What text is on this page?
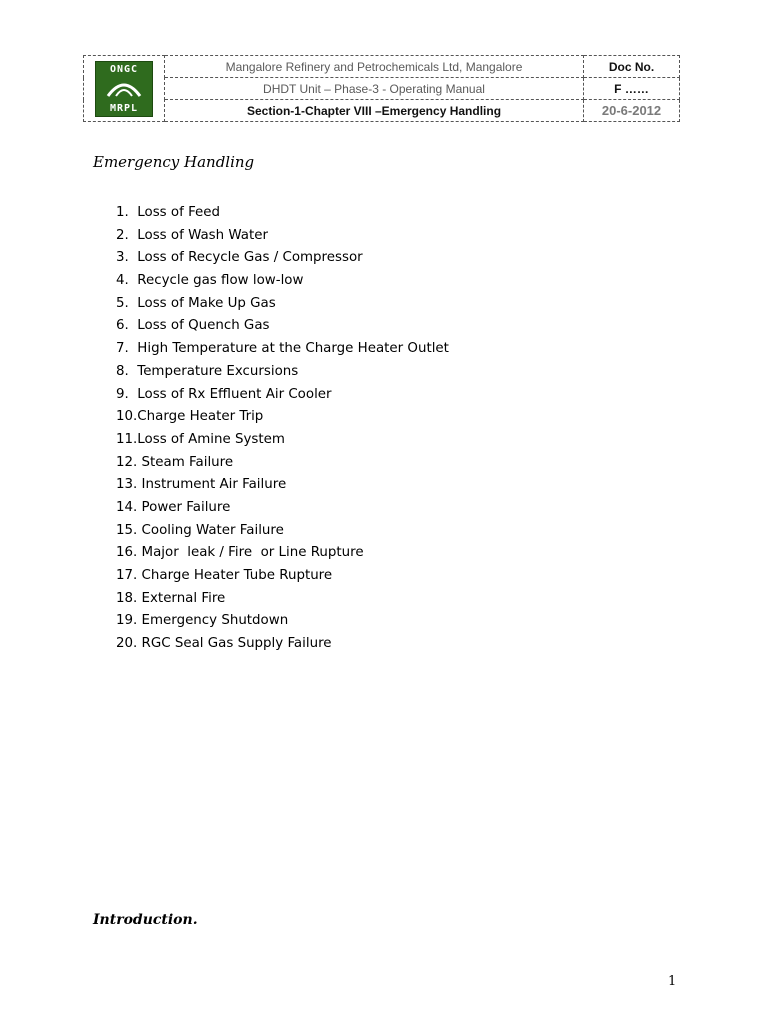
ONGC
MRPL	Mangalore Refinery and Petrochemicals Ltd, Mangalore	Doc No.
	DHDT Unit – Phase-3 - Operating Manual	F ……
	Section-1-Chapter VIII –Emergency Handling	20-6-2012
Emergency Handling
1.  Loss of Feed
2.  Loss of Wash Water
3.  Loss of Recycle Gas / Compressor
4.  Recycle gas flow low-low
5.  Loss of Make Up Gas
6.  Loss of Quench Gas
7.  High Temperature at the Charge Heater Outlet
8.  Temperature Excursions
9.  Loss of Rx Effluent Air Cooler
10.Charge Heater Trip
11.Loss of Amine System
12. Steam Failure
13. Instrument Air Failure
14. Power Failure
15. Cooling Water Failure
16. Major  leak / Fire  or Line Rupture
17. Charge Heater Tube Rupture
18. External Fire
19. Emergency Shutdown
20. RGC Seal Gas Supply Failure
Introduction.
1
